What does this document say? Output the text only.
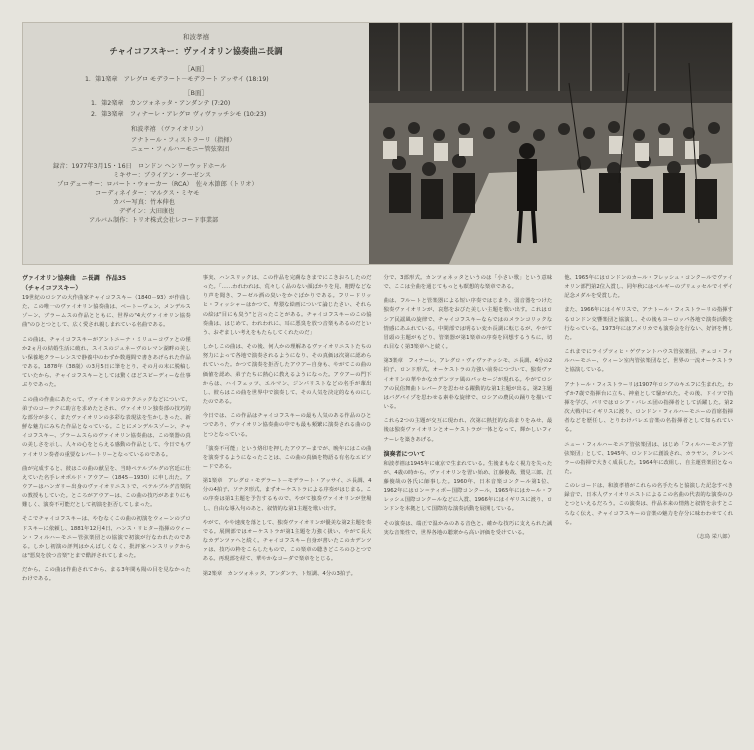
和波孝禧
チャイコフスキー：ヴァイオリン協奏曲ニ長調
［A面］
1．第1楽章　アレグロ モデラート－モデラート アッサイ (18:19)
［B面］
1．第2楽章　カンツォネッタ・アンダンテ (7:20)
2．第3楽章　フィナーレ・アレグロ ヴィヴァッチシモ (10:23)
和波孝禧 （ヴァイオリン）
アナトール・フィストラーリ（指揮）
ニュー・フィルハーモニー管弦楽団
録音：1977年3月15・16日　ロンドン ヘンリーウッドホール
ミキサー：ブライアン・クーゼンス
プロデューサー：ロバート・ウォーカー（RCA）　佐々木節郎（トリオ）
コーディネイター：マルクス・ミヤモ
カバー写真：竹本伸也
デザイン：大田康也
アルバム制作：トリオ株式会社レコード事業部
ヴァイオリン協奏曲　ニ長調　作品35
（チャイコフスキー）

19世紀のロシアの大作曲家チャイコフスキー（1840－93）が作曲した、この唯一のヴァイオリン協奏曲は、ベートーヴェン、メンデルスゾーン、ブラームスの作品とともに、世界の"4大ヴァイオリン協奏曲"のひとつとして、広く愛され親しまれている名曲である。

この曲は、チャイコフスキーがアントニーナ・ミリューコヴァとの僅か2ヵ月の結婚生活に破れ、スイスのジュネーヴのレマン湖畔の美しい保養地クラーレンスで静養中のわずか数週間で書きあげられた作品である。1878年（38歳）の3月5日に筆をとり、その月の末に脱稿していたから、チャイコフスキーとしては驚くほどスピーディーな仕事ぶりであった。

この曲の作曲にあたって、ヴァイオリンのテクニックなどについて、弟子のコーテクに助言を求めたとされ、ヴァイオリン独奏部の技巧的な部分が多く、またヴァイオリンの多彩な表現法を生かしきった、新鮮な魅力にみちた作品となっている。ことにメンデルスゾーン、チャイコフスキー、ブラームスらのヴァイオリン協奏曲は、この楽器の真の美しさを示し、人々の心をとらえる感動の作品として、今日でもヴァイオリン奏者の重要なレパートリーとなっているのである。

曲が完成すると、彼はこの曲の献呈を、当時ペテルブルグの宮廷に仕えていた名手レオポルド・アウアー（1845－1930）に申し出た。アウアーはハンガリー出身のヴァイオリニストで、ペテルブルグ音楽院の教授もしていた。ところがアウアーは、この曲の技巧があまりにも難しく、演奏不可能だとして初演を拒否してしまった。

そこでチャイコフスキーは、やむなくこの曲の初演をウィーンのブロドスキーに依頼し、1881年12月4日、ハンス・リヒター指揮のウィーン・フィルハーモニー管弦楽団との協演で初演が行なわれたのである。しかし初演の評判はかんばしくなく、批評家ハンスリックからは"悪臭を放つ音楽"とまで酷評されてしまった。

だから、この曲は作曲されてから、まる3年間も陽の目を見なかったわけである。

事実、ハンスリックは、この作品を完膚なきまでにこきおろしたのだった。「……われわれは、荒々しく品のない顔ばかりを見、粗野などなり声を聞き、フーゼル酒の臭いをかぐばかりである。フリードリッヒ・フィッシャーはかつて、卑猥な絵画について論じたさい、それらの絵は"目にも臭う"と言ったことがある。チャイコフスキーのこの協奏曲は、はじめて、われわれに、耳に悪臭を放つ音楽もあるのだという、おぞましい考えをもたらしてくれたのだ」

しかしこの曲は、その後、何人かの理解あるヴァイオリニストたちの努力によって各地で演奏されるようになり、その真価は次第に認められていった。かつて演奏を拒否したアウアー自身も、やがてこの曲の価値を認め、弟子たちに熱心に教えるようになった。アウアーの門下からは、ハイフェッツ、エルマン、ジンバリストなどの名手が輩出し、彼らはこの曲を世界中で演奏して、その人気を決定的なものにしたのである。

今日では、この作品はチャイコフスキーの最も人気のある作品のひとつであり、ヴァイオリン協奏曲の中でも最も頻繁に演奏される曲のひとつとなっている。

「演奏不可能」という烙印を押したアウアーまでが、晩年にはこの曲を演奏するようになったことは、この曲の真価を物語る有名なエピソードである。

第1楽章　アレグロ・モデラート－モデラート・アッサイ、ニ長調、4分の4拍子、ソナタ形式。まずオーケストラによる序奏がはじまる。この序奏は第1主題を予告するもので、やがて独奏ヴァイオリンが登場し、自由な導入句のあと、叙情的な第1主題を歌い出す。

やがて、やや速度を落として、独奏ヴァイオリンが優美な第2主題を奏でる。展開部ではオーケストラが第1主題を力強く扱い、やがて長大なカデンツァへと続く。チャイコフスキー自身が書いたこのカデンツァは、技巧の粋をこらしたもので、この楽章の聴きどころのひとつである。再現部を経て、華やかなコーダで楽章をとじる。

第2楽章　カンツォネッタ、アンダンテ、ト短調、4分の3拍子。

分で、3部形式。カンツォネッタというのは「小さい歌」という意味で、ここは全曲を通じてもっとも瞑想的な楽章である。

曲は、フルートと管楽器による短い序奏ではじまり、弱音器をつけた独奏ヴァイオリンが、哀愁をおびた美しい主題を歌い出す。これはロシア民謡風の旋律で、チャイコフスキーならではのメランコリックな情感にあふれている。中間部では明るい変ホ長調に転じるが、やがて冒頭の主題がもどり、管楽器が第1楽章の序奏を回想するうちに、切れ目なく第3楽章へと続く。

第3楽章　フィナーレ、アレグロ・ヴィヴァチッシモ、ニ長調、4分の2拍子、ロンド形式。オーケストラの力強い前奏につづいて、独奏ヴァイオリンの華やかなカデンツァ風のパッセージが現れる。やがてロシアの民俗舞曲トレパークを思わせる躍動的な第1主題が出る。第2主題はバグパイプを思わせる素朴な旋律で、ロシアの農民の踊りを描いている。

これら2つの主題が交互に現われ、次第に熱狂的な高まりをみせ、最後は独奏ヴァイオリンとオーケストラが一体となって、輝かしいフィナーレを築きあげる。

演奏者について

和波孝禧は1945年に東京で生まれている。生後まもなく視力を失ったが、4歳の時から、ヴァイオリンを習い始め、江藤俊哉、鷲見三郎、江藤俊哉の各氏に師事した。1960年、日本音楽コンクール第1位、1962年にはロン＝ティボー国際コンクール、1965年にはカール・フレッシュ国際コンクールなどに入賞、1966年にはイギリスに渡り、ロンドンを本拠として国際的な演奏活動を展開している。

その演奏は、端正で温かみのある音色と、確かな技巧に支えられた誠実な音楽性で、世界各地の聴衆から高い評価を受けている。

他、1965年にはロンドンのカール・フレッシュ・コンクールでヴァイオリン部門第2位入賞し、同年秋にはベルギーのブリュッセルでイザイ記念メダルを受賞した。

また、1966年にはイギリスで、アナトール・フィストラーリの指揮するロンドン交響楽団と協演し、その後もヨーロッパ各地で演奏活動を行なっている。1973年にはアメリカでも演奏会を行ない、好評を博した。

これまでにライプツィヒ・ゲヴァントハウス管弦楽団、チェコ・フィルハーモニー、ウィーン室内管弦楽団など、世界の一流オーケストラと協演している。

アナトール・フィストラーリは1907年ロシアのキエフに生まれた。わずか7歳で指揮台に立ち、神童として騒がれた。その後、ドイツで指揮を学び、パリではロシア・バレエ団の指揮者として活躍した。第2次大戦中にイギリスに渡り、ロンドン・フィルハーモニーの首席指揮者などを歴任し、とりわけバレエ音楽の名指揮者として知られている。

ニュー・フィルハーモニア管弦楽団は、はじめ「フィルハーモニア管弦楽団」として、1945年、ロンドンに創設され、カラヤン、クレンペラーの指揮で大きく成長した。1964年に改組し、自主運営楽団となった。

このレコードは、和波孝禧がこれらの名手たちと協演した記念すべき録音で、日本人ヴァイオリニストによるこの名曲の代表的な演奏のひとつといえるだろう。この演奏は、作品本来の情熱と叙情を余すところなく伝え、チャイコフスキーの音楽の魅力を存分に味わわせてくれる。

（志鳥 栄八郎）
